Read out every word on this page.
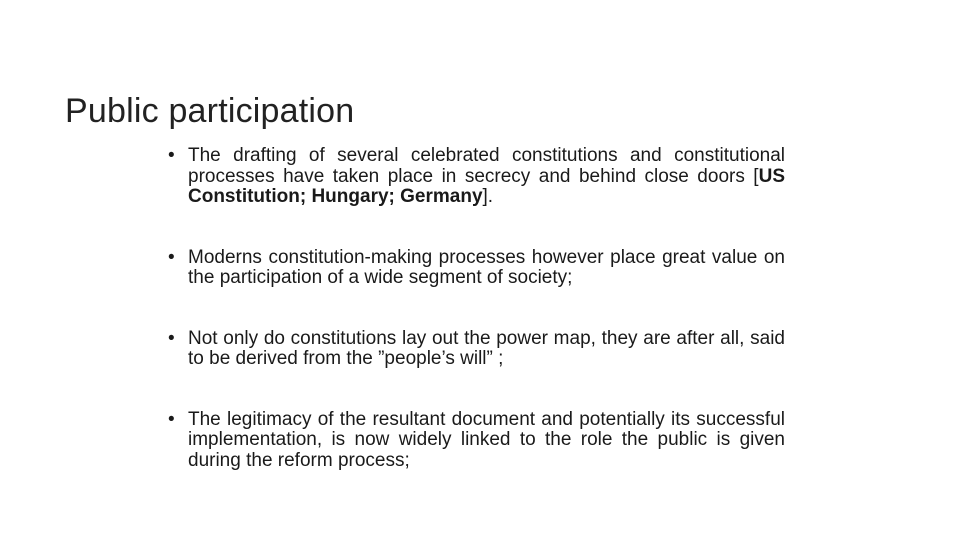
Public participation
• The drafting of several celebrated constitutions and constitutional processes have taken place in secrecy and behind close doors [US Constitution; Hungary; Germany].
• Moderns constitution-making processes however place great value on the participation of a wide segment of society;
• Not only do constitutions lay out the power map, they are after all, said to be derived from the ”people’s will” ;
• The legitimacy of the resultant document and potentially its successful implementation, is now widely linked to the role the public is given during the reform process;
